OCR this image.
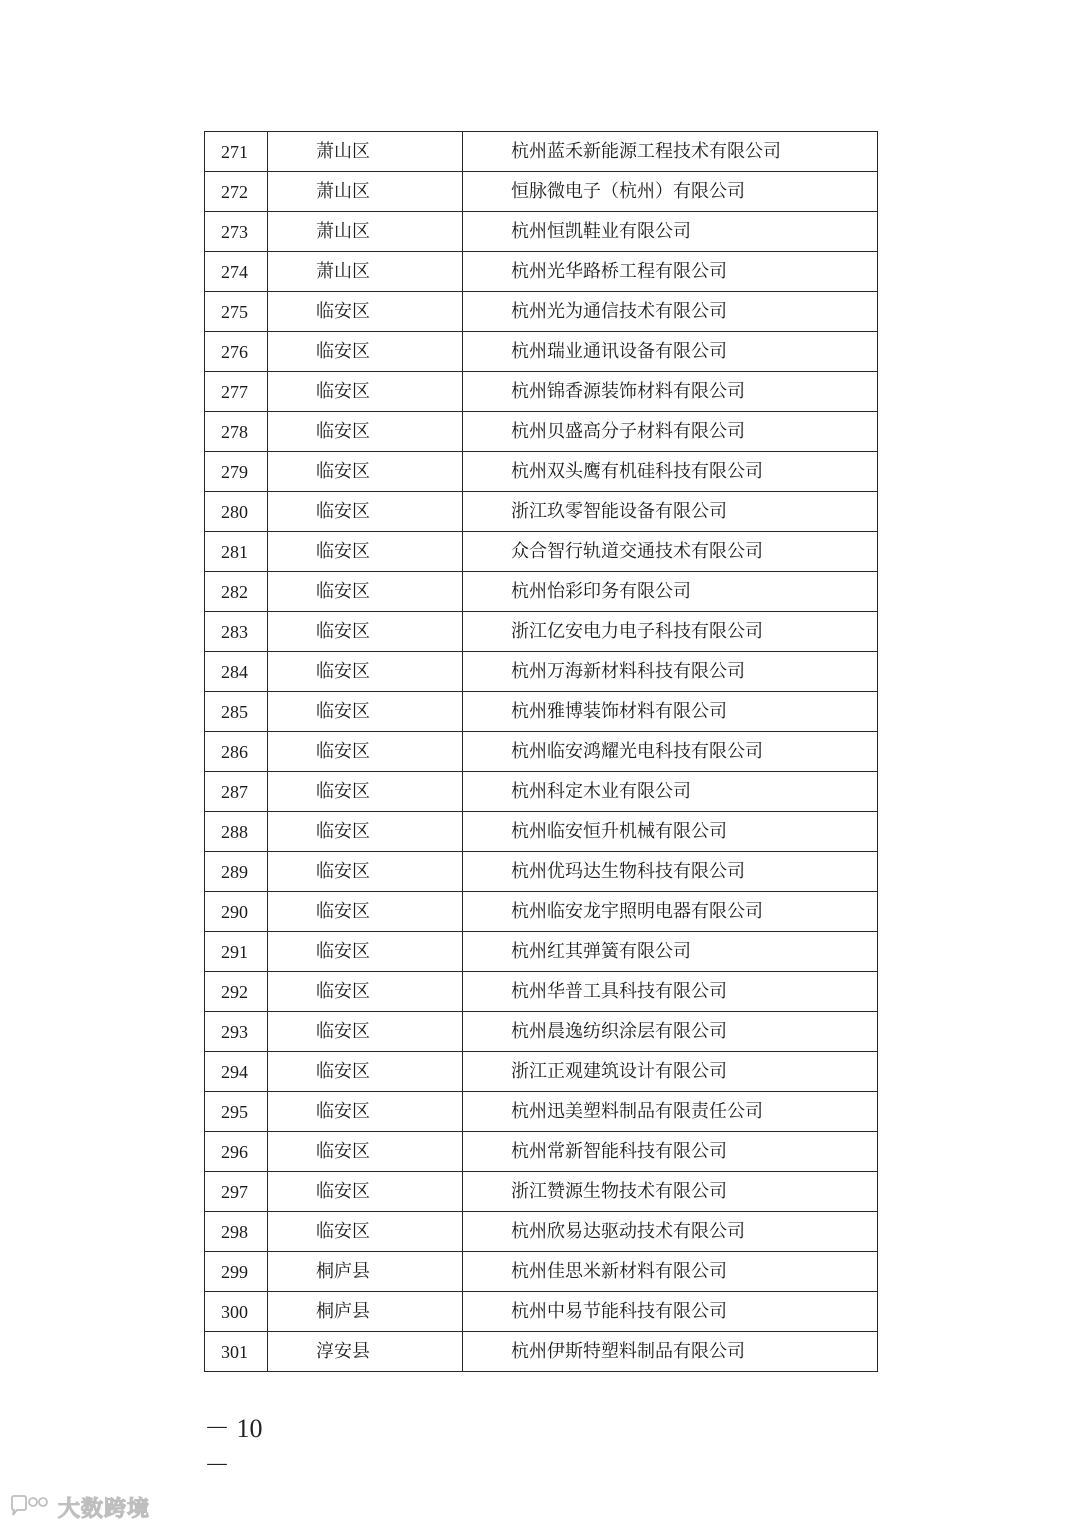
271	萧山区	杭州蓝禾新能源工程技术有限公司
272	萧山区	恒脉微电子（杭州）有限公司
273	萧山区	杭州恒凯鞋业有限公司
274	萧山区	杭州光华路桥工程有限公司
275	临安区	杭州光为通信技术有限公司
276	临安区	杭州瑞业通讯设备有限公司
277	临安区	杭州锦香源装饰材料有限公司
278	临安区	杭州贝盛高分子材料有限公司
279	临安区	杭州双头鹰有机硅科技有限公司
280	临安区	浙江玖零智能设备有限公司
281	临安区	众合智行轨道交通技术有限公司
282	临安区	杭州怡彩印务有限公司
283	临安区	浙江亿安电力电子科技有限公司
284	临安区	杭州万海新材料科技有限公司
285	临安区	杭州雅博装饰材料有限公司
286	临安区	杭州临安鸿耀光电科技有限公司
287	临安区	杭州科定木业有限公司
288	临安区	杭州临安恒升机械有限公司
289	临安区	杭州优玛达生物科技有限公司
290	临安区	杭州临安龙宇照明电器有限公司
291	临安区	杭州红其弹簧有限公司
292	临安区	杭州华普工具科技有限公司
293	临安区	杭州晨逸纺织涂层有限公司
294	临安区	浙江正观建筑设计有限公司
295	临安区	杭州迅美塑料制品有限责任公司
296	临安区	杭州常新智能科技有限公司
297	临安区	浙江赞源生物技术有限公司
298	临安区	杭州欣易达驱动技术有限公司
299	桐庐县	杭州佳思米新材料有限公司
300	桐庐县	杭州中易节能科技有限公司
301	淳安县	杭州伊斯特塑料制品有限公司
－ 10 －
大数跨境
